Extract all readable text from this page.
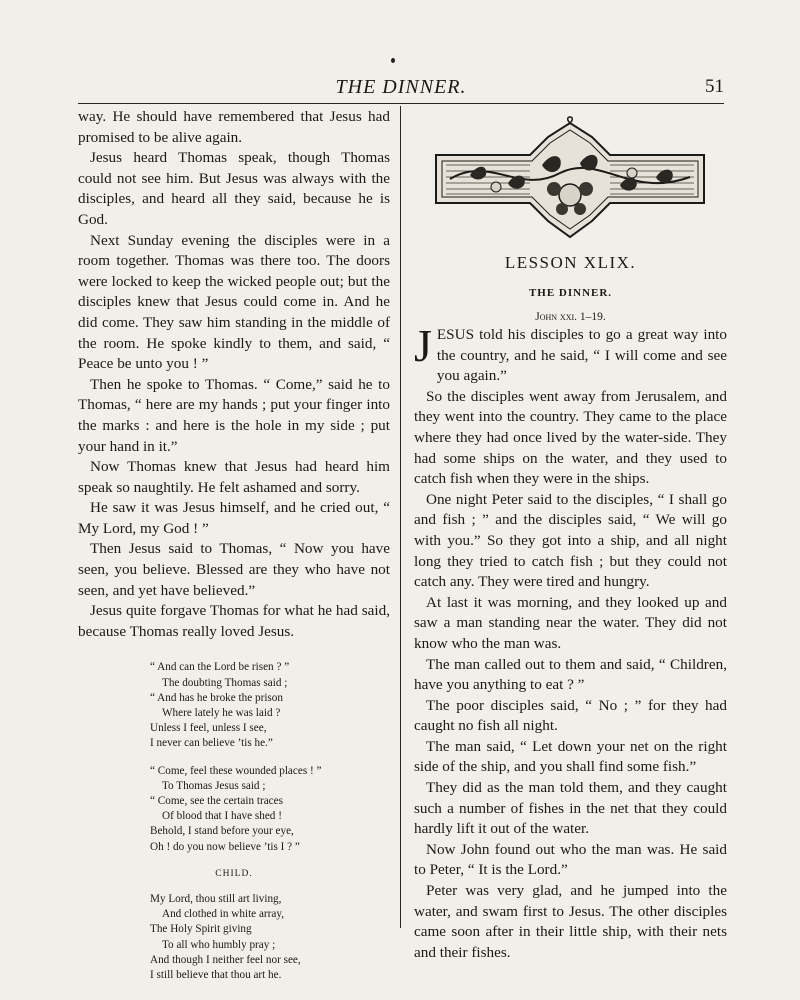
THE DINNER.	51

way. He should have remembered that Jesus had promised to be alive again.

Jesus heard Thomas speak, though Thomas could not see him. But Jesus was always with the disciples, and heard all they said, because he is God.

Next Sunday evening the disciples were in a room together. Thomas was there too. The doors were locked to keep the wicked people out; but the disciples knew that Jesus could come in. And he did come. They saw him standing in the middle of the room. He spoke kindly to them, and said, “ Peace be unto you ! ”

Then he spoke to Thomas. “ Come,” said he to Thomas, “ here are my hands ; put your finger into the marks : and here is the hole in my side ; put your hand in it.”

Now Thomas knew that Jesus had heard him speak so naughtily. He felt ashamed and sorry.

He saw it was Jesus himself, and he cried out, “ My Lord, my God ! ”

Then Jesus said to Thomas, “ Now you have seen, you believe. Blessed are they who have not seen, and yet have believed.”

Jesus quite forgave Thomas for what he had said, because Thomas really loved Jesus.

“ And can the Lord be risen ? ”
The doubting Thomas said ;
“ And has he broke the prison
Where lately he was laid ?
Unless I feel, unless I see,
I never can believe ’tis he.”
“ Come, feel these wounded places ! ”
To Thomas Jesus said ;
“ Come, see the certain traces
Of blood that I have shed !
Behold, I stand before your eye,
Oh ! do you now believe ’tis I ? ”
CHILD.
My Lord, thou still art living,
And clothed in white array,
The Holy Spirit giving
To all who humbly pray ;
And though I neither feel nor see,
I still believe that thou art he.
LESSON XLIX.
THE DINNER.
John xxi. 1–19.

JESUS told his disciples to go a great way into the country, and he said, “ I will come and see you again.”

So the disciples went away from Jerusalem, and they went into the country. They came to the place where they had once lived by the water-side. They had some ships on the water, and they used to catch fish when they were in the ships.

One night Peter said to the disciples, “ I shall go and fish ; ” and the disciples said, “ We will go with you.” So they got into a ship, and all night long they tried to catch fish ; but they could not catch any. They were tired and hungry.

At last it was morning, and they looked up and saw a man standing near the water. They did not know who the man was.

The man called out to them and said, “ Children, have you anything to eat ? ”

The poor disciples said, “ No ; ” for they had caught no fish all night.

The man said, “ Let down your net on the right side of the ship, and you shall find some fish.”

They did as the man told them, and they caught such a number of fishes in the net that they could hardly lift it out of the water.

Now John found out who the man was. He said to Peter, “ It is the Lord.”

Peter was very glad, and he jumped into the water, and swam first to Jesus. The other disciples came soon after in their little ship, with their nets and their fishes.
